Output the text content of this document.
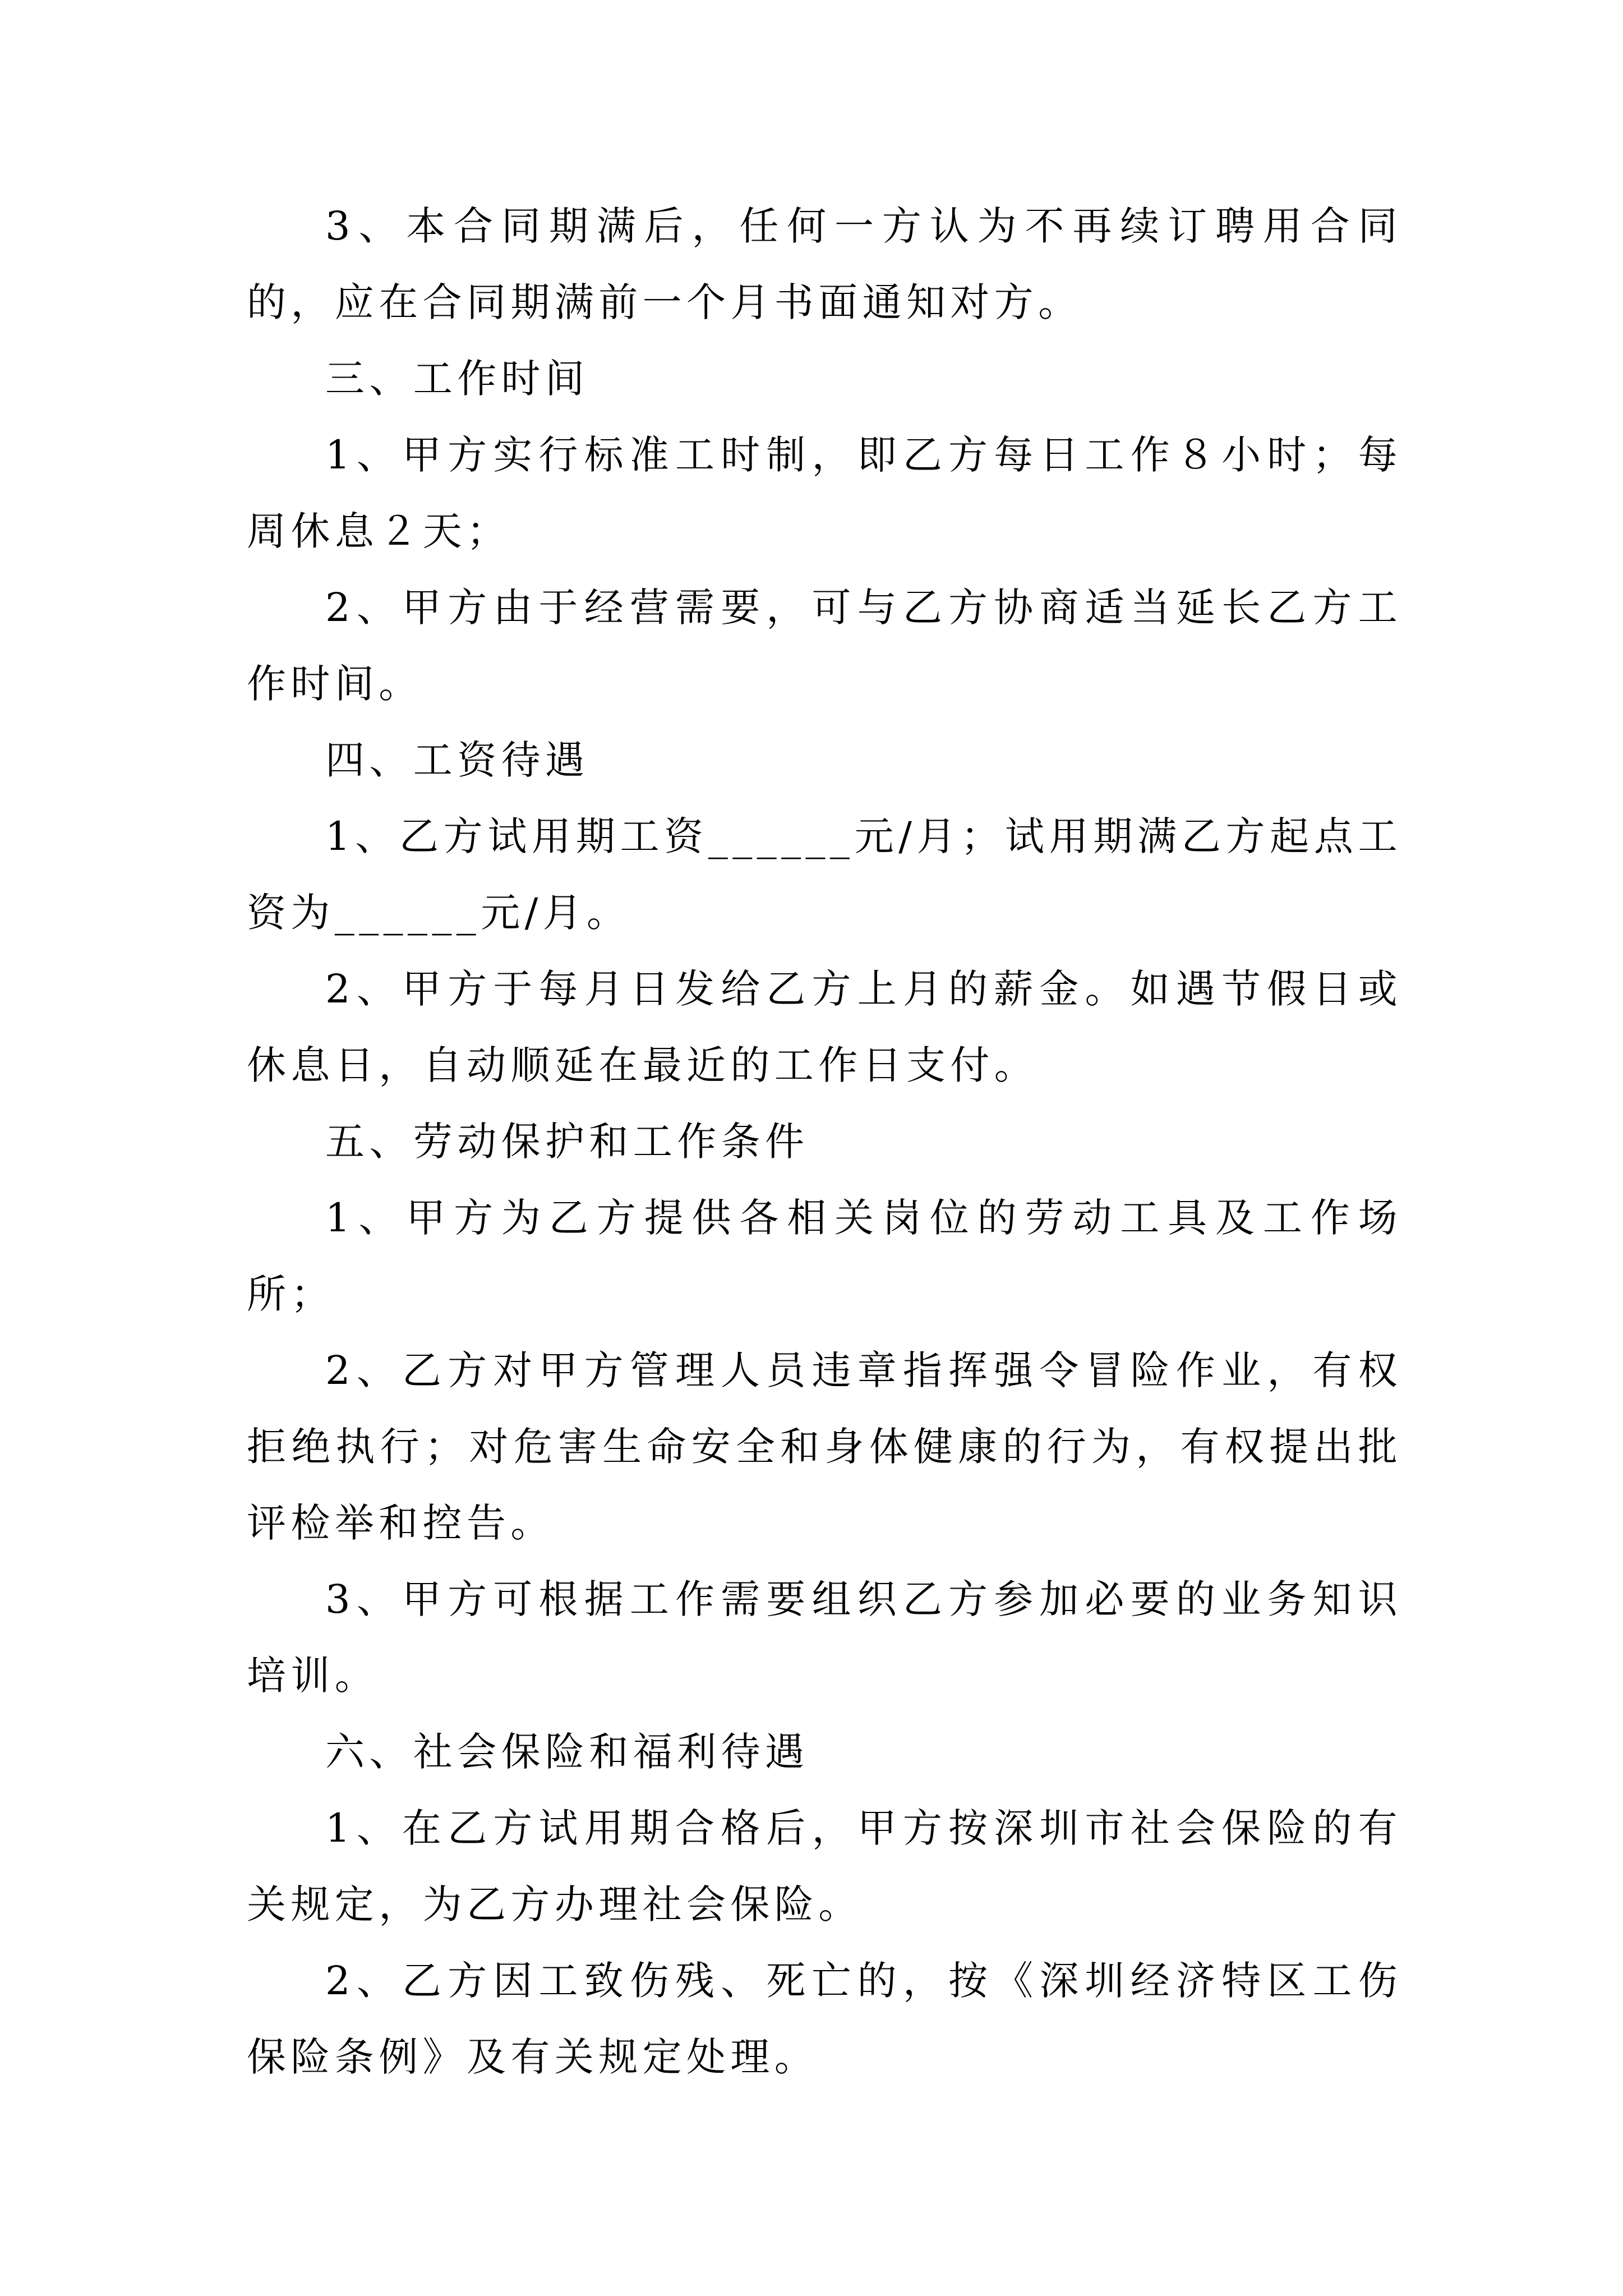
3、本合同期满后，任何一方认为不再续订聘用合同的，应在合同期满前一个月书面通知对方。

三、工作时间

1、甲方实行标准工时制，即乙方每日工作８小时；每周休息２天；

2、甲方由于经营需要，可与乙方协商适当延长乙方工作时间。

四、工资待遇

1、乙方试用期工资______元/月；试用期满乙方起点工资为______元/月。

2、甲方于每月日发给乙方上月的薪金。如遇节假日或休息日，自动顺延在最近的工作日支付。

五、劳动保护和工作条件

1、甲方为乙方提供各相关岗位的劳动工具及工作场所；

2、乙方对甲方管理人员违章指挥强令冒险作业，有权拒绝执行；对危害生命安全和身体健康的行为，有权提出批评检举和控告。

3、甲方可根据工作需要组织乙方参加必要的业务知识培训。

六、社会保险和福利待遇

1、在乙方试用期合格后，甲方按深圳市社会保险的有关规定，为乙方办理社会保险。

2、乙方因工致伤残、死亡的，按《深圳经济特区工伤保险条例》及有关规定处理。
